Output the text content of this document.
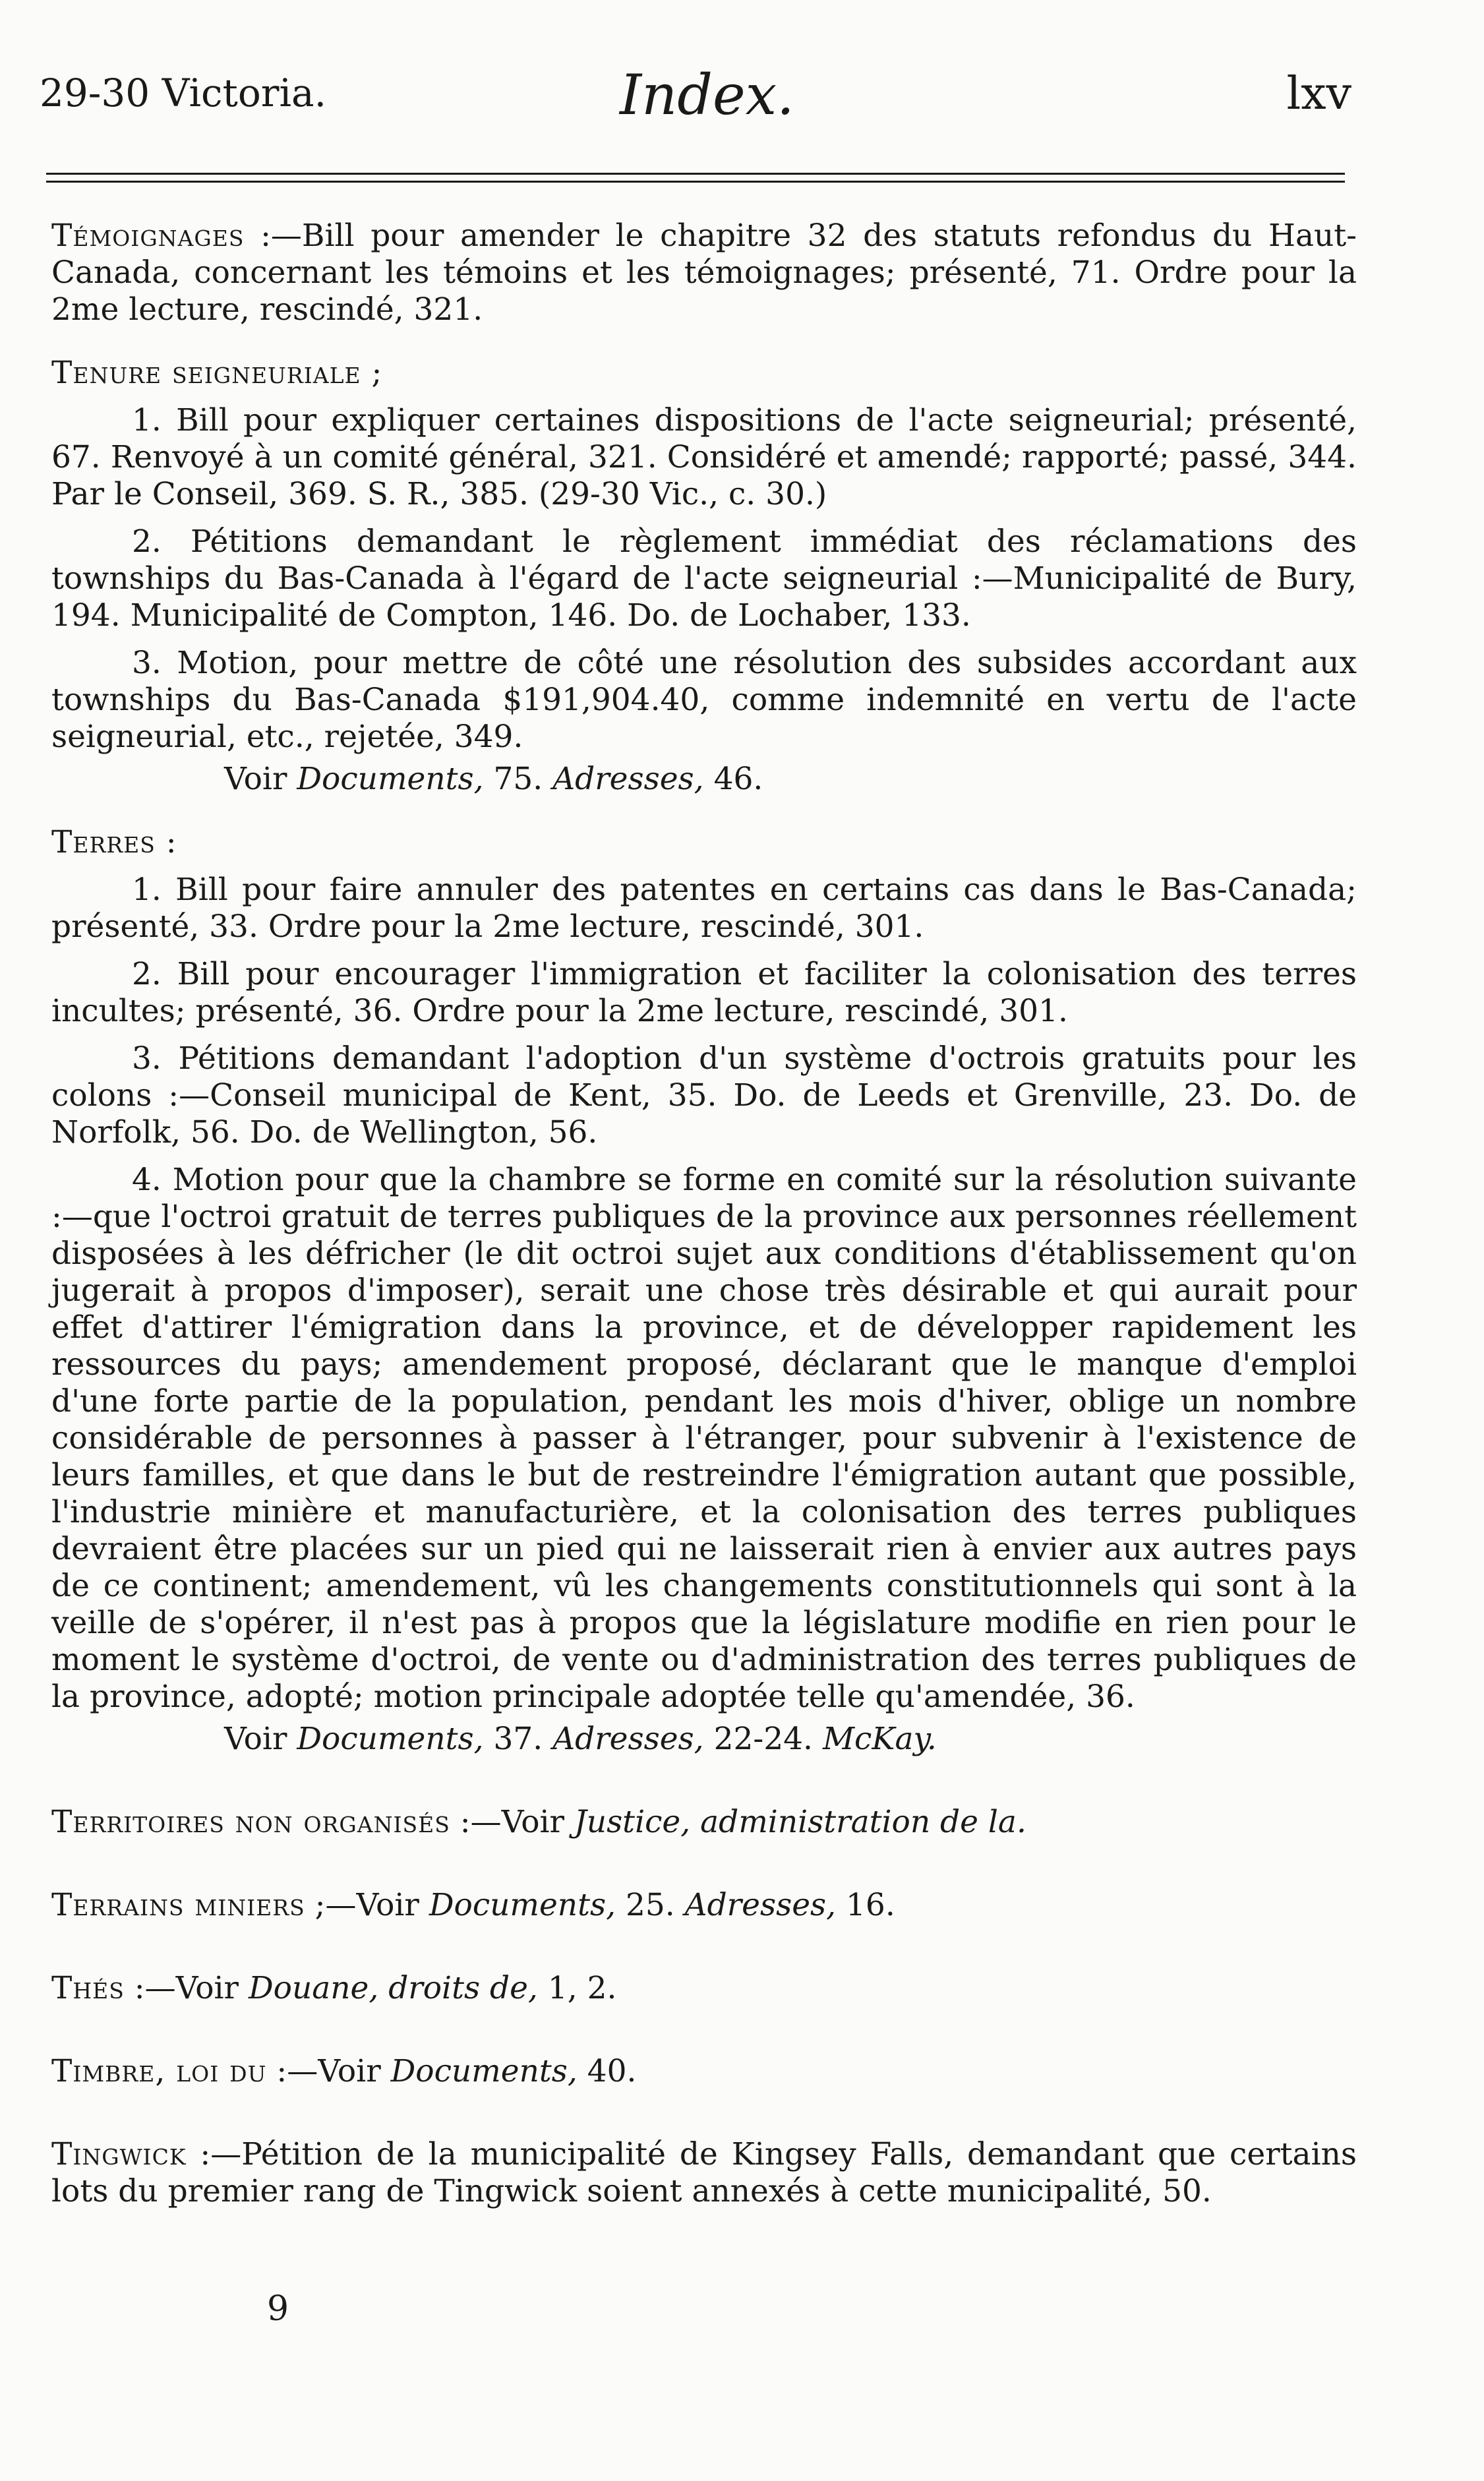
29-30 Victoria.	Index.	lxv
Témoignages :—Bill pour amender le chapitre 32 des statuts refondus du Haut-Canada, concernant les témoins et les témoignages; présenté, 71. Ordre pour la 2me lecture, rescindé, 321.
Tenure seigneuriale ;
1. Bill pour expliquer certaines dispositions de l'acte seigneurial; présenté, 67. Renvoyé à un comité général, 321. Considéré et amendé; rapporté; passé, 344. Par le Conseil, 369. S. R., 385. (29-30 Vic., c. 30.)
2. Pétitions demandant le règlement immédiat des réclamations des townships du Bas-Canada à l'égard de l'acte seigneurial :—Municipalité de Bury, 194. Municipalité de Compton, 146. Do. de Lochaber, 133.
3. Motion, pour mettre de côté une résolution des subsides accordant aux townships du Bas-Canada $191,904.40, comme indemnité en vertu de l'acte seigneurial, etc., rejetée, 349.
Voir Documents, 75. Adresses, 46.
Terres :
1. Bill pour faire annuler des patentes en certains cas dans le Bas-Canada; présenté, 33. Ordre pour la 2me lecture, rescindé, 301.
2. Bill pour encourager l'immigration et faciliter la colonisation des terres incultes; présenté, 36. Ordre pour la 2me lecture, rescindé, 301.
3. Pétitions demandant l'adoption d'un système d'octrois gratuits pour les colons :—Conseil municipal de Kent, 35. Do. de Leeds et Grenville, 23. Do. de Norfolk, 56. Do. de Wellington, 56.
4. Motion pour que la chambre se forme en comité sur la résolution suivante :—que l'octroi gratuit de terres publiques de la province aux personnes réellement disposées à les défricher (le dit octroi sujet aux conditions d'établissement qu'on jugerait à propos d'imposer), serait une chose très désirable et qui aurait pour effet d'attirer l'émigration dans la province, et de développer rapidement les ressources du pays; amendement proposé, déclarant que le manque d'emploi d'une forte partie de la population, pendant les mois d'hiver, oblige un nombre considérable de personnes à passer à l'étranger, pour subvenir à l'existence de leurs familles, et que dans le but de restreindre l'émigration autant que possible, l'industrie minière et manufacturière, et la colonisation des terres publiques devraient être placées sur un pied qui ne laisserait rien à envier aux autres pays de ce continent; amendement, vû les changements constitutionnels qui sont à la veille de s'opérer, il n'est pas à propos que la législature modifie en rien pour le moment le système d'octroi, de vente ou d'administration des terres publiques de la province, adopté; motion principale adoptée telle qu'amendée, 36.
Voir Documents, 37. Adresses, 22-24. McKay.
Territoires non organisés :—Voir Justice, administration de la.
Terrains miniers ;—Voir Documents, 25. Adresses, 16.
Thés :—Voir Douane, droits de, 1, 2.
Timbre, loi du :—Voir Documents, 40.
Tingwick :—Pétition de la municipalité de Kingsey Falls, demandant que certains lots du premier rang de Tingwick soient annexés à cette municipalité, 50.
9
